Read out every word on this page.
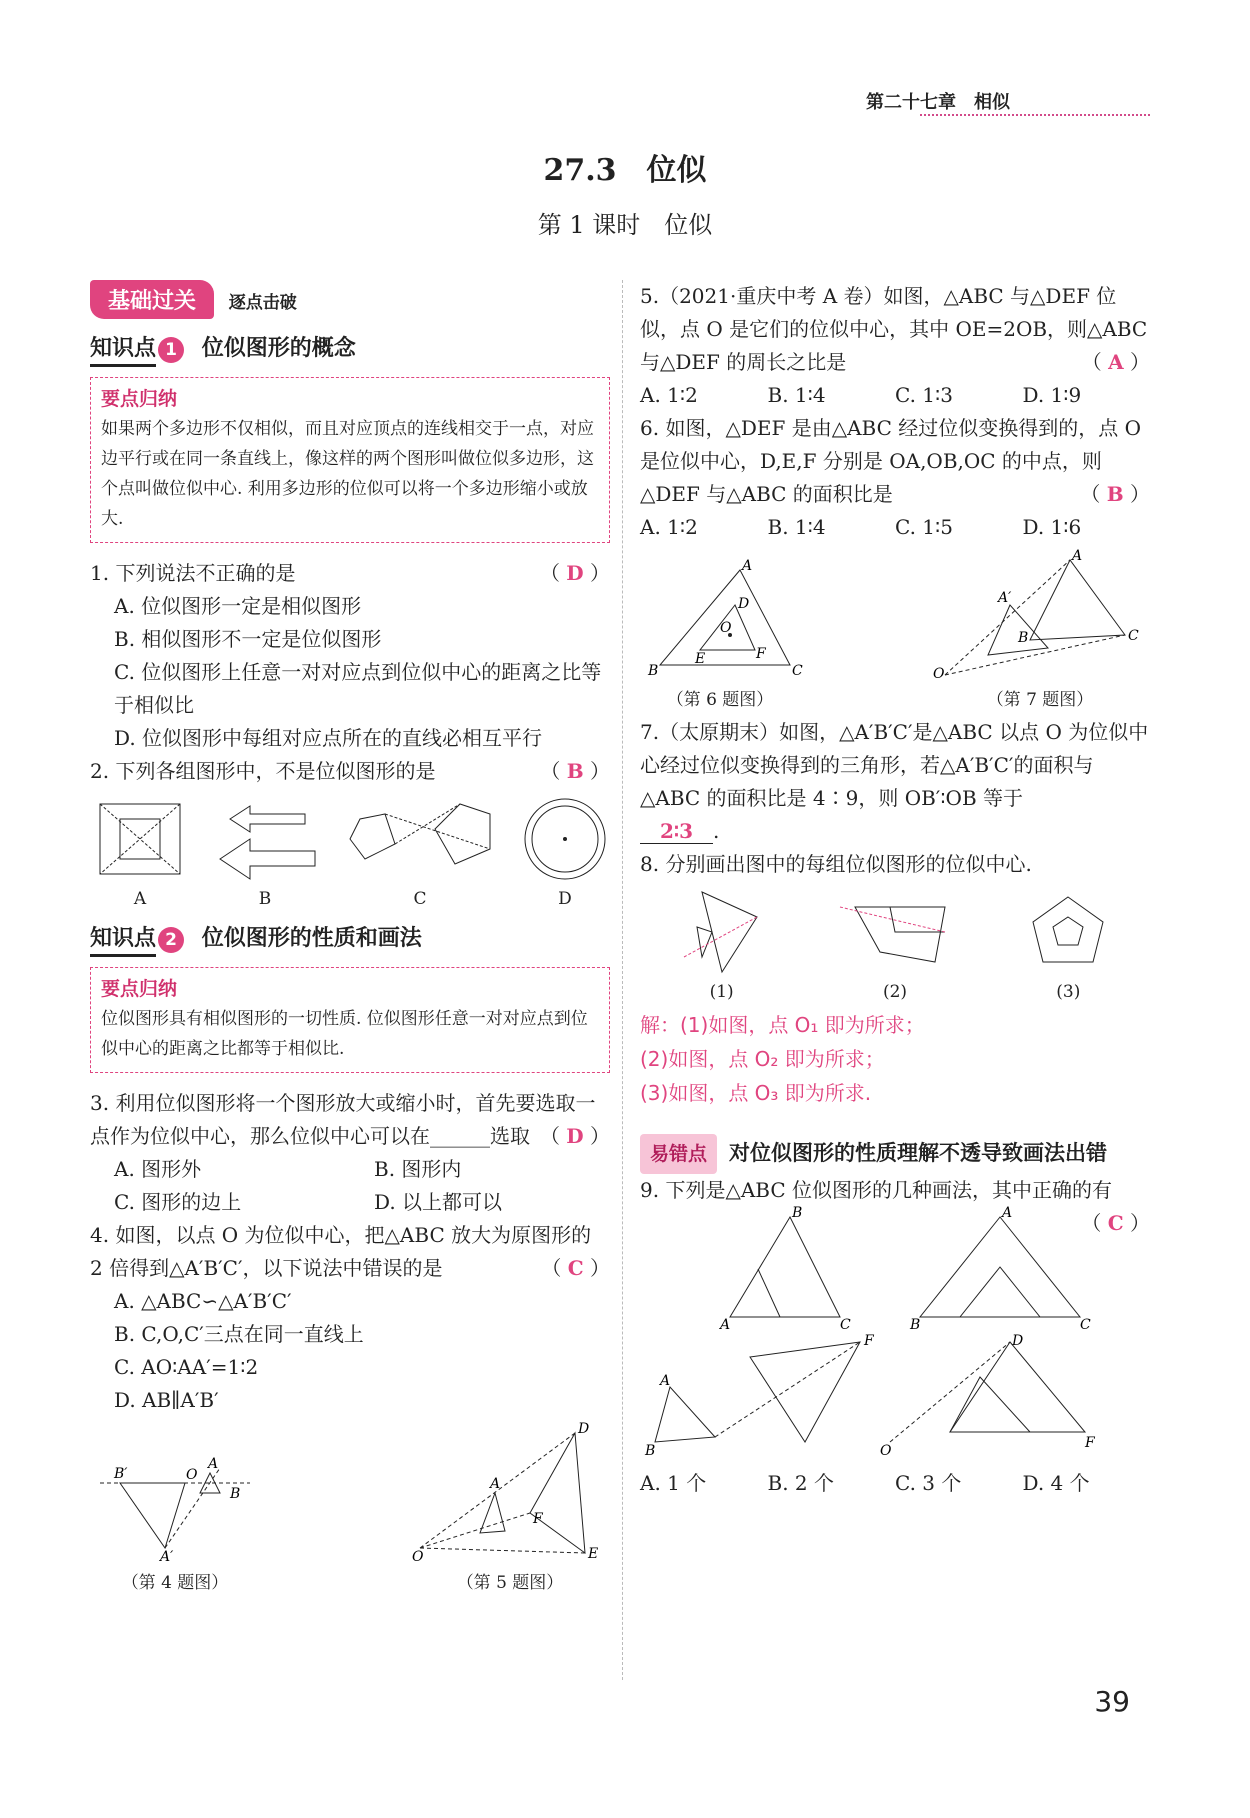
第二十七章　相似
27.3　位似
第 1 课时　位似
基础过关 逐点击破
知识点 1 位似图形的概念
要点归纳
如果两个多边形不仅相似，而且对应顶点的连线相交于一点，对应边平行或在同一条直线上，像这样的两个图形叫做位似多边形，这个点叫做位似中心. 利用多边形的位似可以将一个多边形缩小或放大.
1. 下列说法不正确的是	（ D ）
A. 位似图形一定是相似图形
B. 相似图形不一定是位似图形
C. 位似图形上任意一对对应点到位似中心的距离之比等于相似比
D. 位似图形中每组对应点所在的直线必相互平行
2. 下列各组图形中，不是位似图形的是	（ B ）
A	B	C	D
知识点 2 位似图形的性质和画法
要点归纳
位似图形具有相似图形的一切性质. 位似图形任意一对对应点到位似中心的距离之比都等于相似比.
3. 利用位似图形将一个图形放大或缩小时，首先要选取一点作为位似中心，那么位似中心可以在______选取 （ D ）
A. 图形外	B. 图形内
C. 图形的边上	D. 以上都可以
4. 如图，以点 O 为位似中心，把△ABC 放大为原图形的 2 倍得到△A′B′C′，以下说法中错误的是	（ C ）
A. △ABC∽△A′B′C′
B. C,O,C′三点在同一直线上
C. AO∶AA′=1∶2
D. AB∥A′B′
B′	O
A
B
A′
（第 4 题图）
O
A
D
E
F
（第 5 题图）
5.（2021·重庆中考 A 卷）如图，△ABC 与△DEF 位似，点 O 是它们的位似中心，其中 OE=2OB，则△ABC 与△DEF 的周长之比是	（ A ）
A. 1∶2	B. 1∶4	C. 1∶3	D. 1∶9
6. 如图，△DEF 是由△ABC 经过位似变换得到的，点 O 是位似中心，D,E,F 分别是 OA,OB,OC 的中点，则△DEF 与△ABC 的面积比是	（ B ）
A. 1∶2	B. 1∶4	C. 1∶5	D. 1∶6
A
B	C
D
E	F
O
（第 6 题图）
A
B	C
A′
O
（第 7 题图）
7.（太原期末）如图，△A′B′C′是△ABC 以点 O 为位似中心经过位似变换得到的三角形，若△A′B′C′的面积与△ABC 的面积比是 4∶9，则 OB′∶OB 等于
2∶3 .
8. 分别画出图中的每组位似图形的位似中心.
(1)	(2)	(3)
解：(1)如图，点 O₁ 即为所求；
(2)如图，点 O₂ 即为所求；
(3)如图，点 O₃ 即为所求.
易错点 对位似图形的性质理解不透导致画法出错
9. 下列是△ABC 位似图形的几种画法，其中正确的有
（ C ）
B
A	C
A
B	C
A
B
F	D
O	F
A. 1 个	B. 2 个	C. 3 个	D. 4 个
39
